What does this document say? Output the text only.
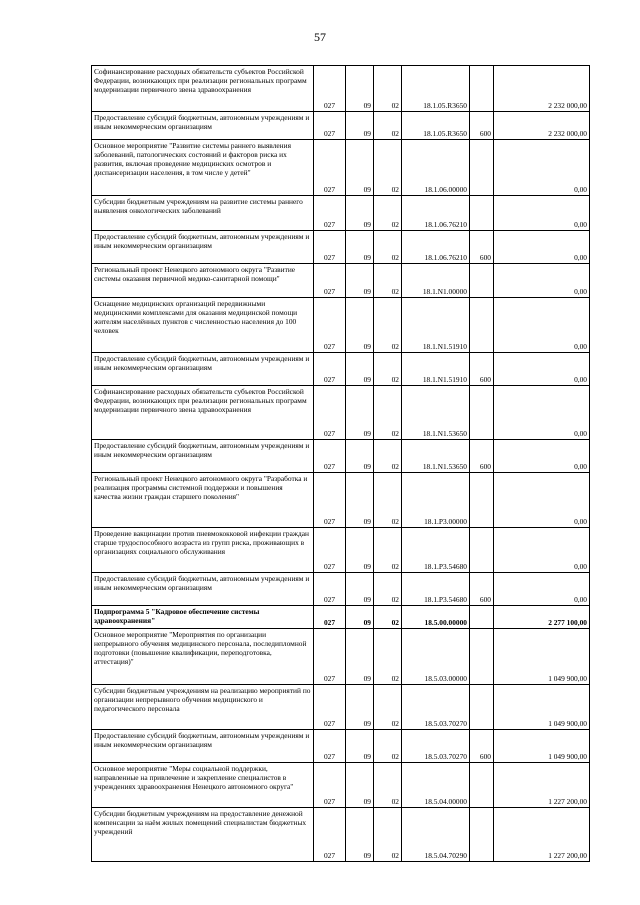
57
Софинансирование расходных обязательств субъектов Российской Федерации, возникающих при реализации региональных программ модернизации первичного звена здравоохранения	027	09	02	18.1.05.R3650		2 232 000,00
Предоставление субсидий бюджетным, автономным учреждениям и иным некоммерческим организациям	027	09	02	18.1.05.R3650	600	2 232 000,00
Основное мероприятие "Развитие системы раннего выявления заболеваний, патологических состояний и факторов риска их развития, включая проведение медицинских осмотров и диспансеризации населения, в том числе у детей"	027	09	02	18.1.06.00000		0,00
Субсидии бюджетным учреждениям на развитие системы раннего выявления онкологических заболеваний	027	09	02	18.1.06.76210		0,00
Предоставление субсидий бюджетным, автономным учреждениям и иным некоммерческим организациям	027	09	02	18.1.06.76210	600	0,00
Региональный проект Ненецкого автономного округа "Развитие системы оказания первичной медико-санитарной помощи"	027	09	02	18.1.N1.00000		0,00
Оснащение медицинских организаций передвижными медицинскими комплексами для оказания медицинской помощи жителям населённых пунктов с численностью населения до 100 человек	027	09	02	18.1.N1.51910		0,00
Предоставление субсидий бюджетным, автономным учреждениям и иным некоммерческим организациям	027	09	02	18.1.N1.51910	600	0,00
Софинансирование расходных обязательств субъектов Российской Федерации, возникающих при реализации региональных программ модернизации первичного звена здравоохранения	027	09	02	18.1.N1.53650		0,00
Предоставление субсидий бюджетным, автономным учреждениям и иным некоммерческим организациям	027	09	02	18.1.N1.53650	600	0,00
Региональный проект Ненецкого автономного округа "Разработка и реализация программы системной поддержки и повышения качества жизни граждан старшего поколения"	027	09	02	18.1.P3.00000		0,00
Проведение вакцинации против пневмококковой инфекции граждан старше трудоспособного возраста из групп риска, проживающих в организациях социального обслуживания	027	09	02	18.1.P3.54680		0,00
Предоставление субсидий бюджетным, автономным учреждениям и иным некоммерческим организациям	027	09	02	18.1.P3.54680	600	0,00
Подпрограмма 5 "Кадровое обеспечение системы здравоохранения"	027	09	02	18.5.00.00000		2 277 100,00
Основное мероприятие "Мероприятия по организации непрерывного обучения медицинского персонала, последипломной подготовки (повышение квалификации, переподготовка, аттестация)"	027	09	02	18.5.03.00000		1 049 900,00
Субсидии бюджетным учреждениям на реализацию мероприятий по организации непрерывного обучения медицинского и педагогического персонала	027	09	02	18.5.03.70270		1 049 900,00
Предоставление субсидий бюджетным, автономным учреждениям и иным некоммерческим организациям	027	09	02	18.5.03.70270	600	1 049 900,00
Основное мероприятие "Меры социальной поддержки, направленные на привлечение и закрепление специалистов в учреждениях здравоохранения Ненецкого автономного округа"	027	09	02	18.5.04.00000		1 227 200,00
Субсидии бюджетным учреждениям на предоставление денежной компенсации за наём жилых помещений специалистам бюджетных учреждений	027	09	02	18.5.04.70290		1 227 200,00
